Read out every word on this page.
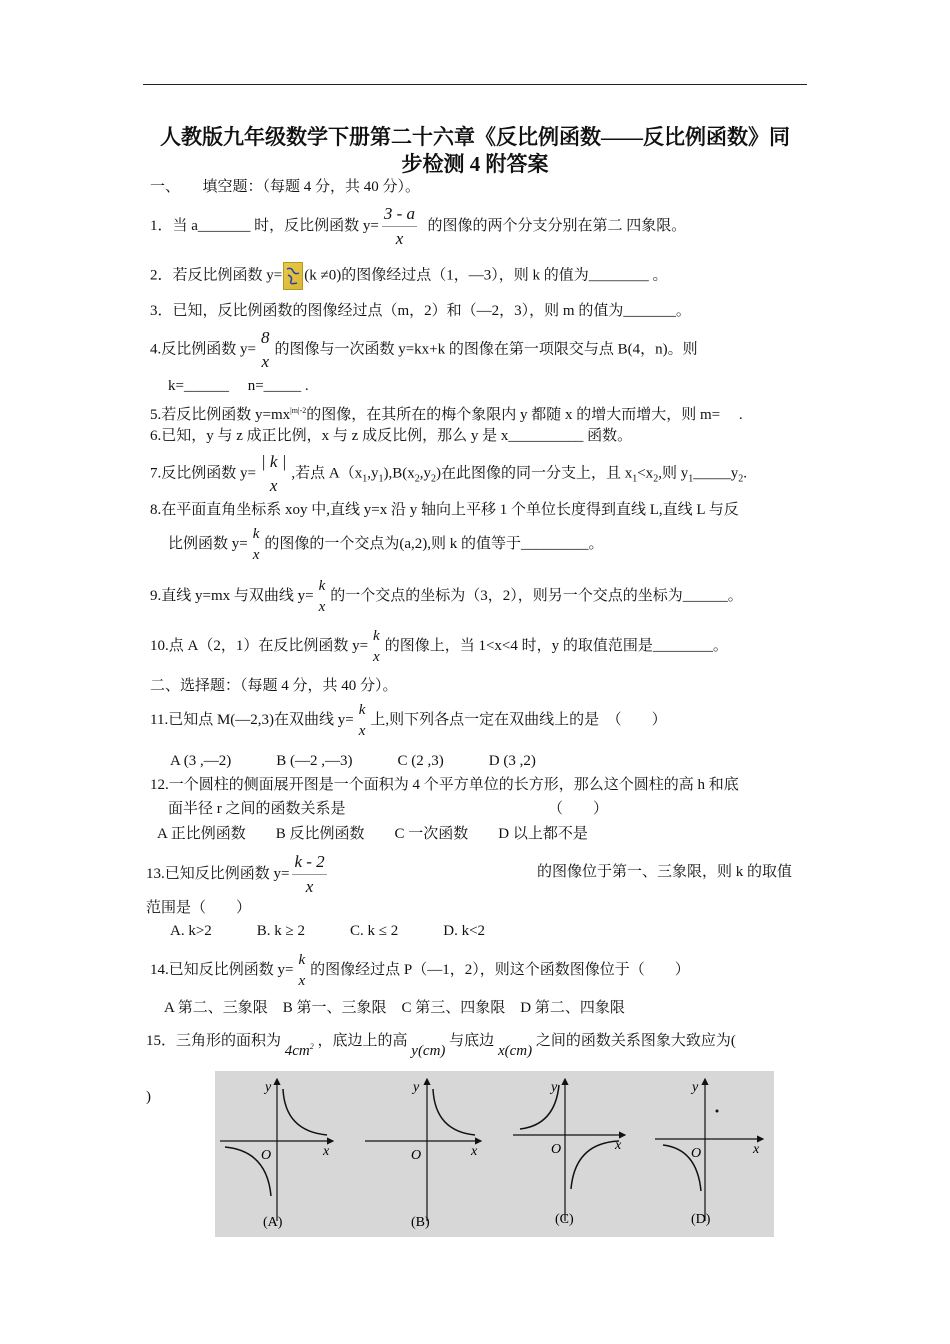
人教版九年级数学下册第二十六章《反比例函数——反比例函数》同
步检测 4 附答案
一、　　填空题：（每题 4 分，共 40 分）。
1．当 a_______ 时，反比例函数 $y= \frac{3 - a}{x}$ 的图像的两个分支分别在第二 四象限。
2．若反比例函数 y= (k ≠0)的图像经过点（1，—3），则 k 的值为________ 。
3．已知，反比例函数的图像经过点（m，2）和（—2，3），则 m 的值为_______。
4.反比例函数 y=
8
x
的图像与一次函数 y=kx+k 的图像在第一项限交与点 B(4，n)。则
k=______ 　n=_____ .
5.若反比例函数 $y=mx^{|m|-2}$的图像，在其所在的梅个象限内 y 都随 x 的增大而增大，则 m=　 .
6.已知，y 与 z 成正比例，x 与 z 成反比例，那么 y 是 x__________ 函数。
7.反比例函数 y=
| k |
x
,若点 $A(x_1,y_1),B(x_2,y_2)$在此图像的同一分支上，且 $x_1<x_2$,则 $y_1\_\_\_\_\_y_2$.
8.在平面直角坐标系 xoy 中,直线 y=x 沿 y 轴向上平移 1 个单位长度得到直线 L,直线 L 与反
比例函数 y=
k
x
的图像的一个交点为(a,2),则 k 的值等于_________。
9.直线 y=mx 与双曲线 y=
k
x
的一个交点的坐标为（3，2），则另一个交点的坐标为______。
10.点 A（2，1）在反比例函数 y=
k
x
的图像上，当 1<x<4 时，y 的取值范围是________。
二、选择题：（每题 4 分，共 40 分）。
11.已知点 M(—2,3)在双曲线 y=
k
x
上,则下列各点一定在双曲线上的是　（　　）
A (3 ,—2)　　　B (—2 ,—3)　　　C (2 ,3)　　　D (3 ,2)
12.一个圆柱的侧面展开图是一个面积为 4 个平方单位的长方形，那么这个圆柱的高 h 和底
面半径 r 之间的函数关系是　　　　　　　　　　　　　　（　　）
A 正比例函数　　B 反比例函数　　C 一次函数　　D 以上都不是
13.已知反比例函数 $y= \frac{k - 2}{x}$	的图像位于第一、三象限，则 k 的取值
范围是（　　）
A. k>2　　　B. k ≥ 2　　　C. k ≤ 2　　　D. k<2
14.已知反比例函数 y=
k
x
的图像经过点 P（—1，2），则这个函数图像位于（　　）
A 第二、三象限　B 第一、三象限　C 第三、四象限　D 第二、四象限
15．三角形的面积为 $4cm^2$ ，底边上的高 y(cm) 与底边 x(cm) 之间的函数关系图象大致应为(
)
y
x
O
(A)
y
x
O
(B)
y
x
O
(C)
y
x
O
(D)
